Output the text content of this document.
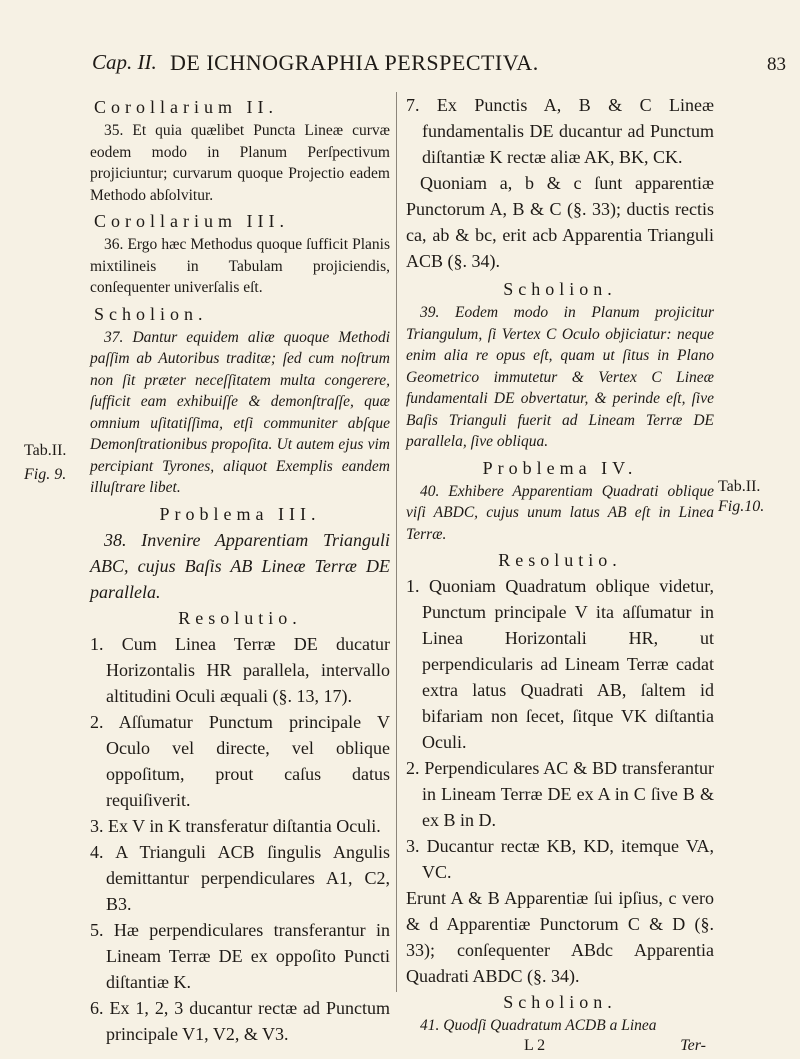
Cap. II. DE ICHNOGRAPHIA PERSPECTIVA.	83
Tab.II.
Fig. 9.
Tab.II.
Fig.10.
Corollarium II.

35. Et quia quælibet Puncta Lineæ curvæ eodem modo in Planum Perſpectivum projiciuntur; curvarum quoque Projectio eadem Methodo abſolvitur.

Corollarium III.

36. Ergo hæc Methodus quoque ſufficit Planis mixtilineis in Tabulam projiciendis, conſequenter univerſalis eſt.

Scholion.

37. Dantur equidem aliæ quoque Methodi paſſim ab Autoribus traditæ; ſed cum noſtrum non ſit præter neceſſitatem multa congerere, ſufficit eam exhibuiſſe & demonſtraſſe, quæ omnium uſitatiſſima, etſi communiter abſque Demonſtrationibus propoſita. Ut autem ejus vim percipiant Tyrones, aliquot Exemplis eandem illuſtrare libet.

Problema III.

38. Invenire Apparentiam Trianguli ABC, cujus Baſis AB Lineæ Terræ DE parallela.

Resolutio.

1. Cum Linea Terræ DE ducatur Horizontalis HR parallela, intervallo altitudini Oculi æquali (§. 13, 17).

2. Aſſumatur Punctum principale V Oculo vel directe, vel oblique oppoſitum, prout caſus datus requiſiverit.

3. Ex V in K transferatur diſtantia Oculi.

4. A Trianguli ACB ſingulis Angulis demittantur perpendiculares A1, C2, B3.

5. Hæ perpendiculares transferantur in Lineam Terræ DE ex oppoſito Puncti diſtantiæ K.

6. Ex 1, 2, 3 ducantur rectæ ad Punctum principale V1, V2, & V3.

7. Ex Punctis A, B & C Lineæ fundamentalis DE ducantur ad Punctum diſtantiæ K rectæ aliæ AK, BK, CK.

Quoniam a, b & c ſunt apparentiæ Punctorum A, B & C (§. 33); ductis rectis ca, ab & bc, erit acb Apparentia Trianguli ACB (§. 34).

Scholion.

39. Eodem modo in Planum projicitur Triangulum, ſi Vertex C Oculo objiciatur: neque enim alia re opus eſt, quam ut ſitus in Plano Geometrico immutetur & Vertex C Lineæ fundamentali DE obvertatur, & perinde eſt, ſive Baſis Trianguli fuerit ad Lineam Terræ DE parallela, ſive obliqua.

Problema IV.

40. Exhibere Apparentiam Quadrati oblique viſi ABDC, cujus unum latus AB eſt in Linea Terræ.

Resolutio.

1. Quoniam Quadratum oblique videtur, Punctum principale V ita aſſumatur in Linea Horizontali HR, ut perpendicularis ad Lineam Terræ cadat extra latus Quadrati AB, ſaltem id bifariam non ſecet, ſitque VK diſtantia Oculi.

2. Perpendiculares AC & BD transferantur in Lineam Terræ DE ex A in C ſive B & ex B in D.

3. Ducantur rectæ KB, KD, itemque VA, VC.

Erunt A & B Apparentiæ ſui ipſius, c vero & d Apparentiæ Punctorum C & D (§. 33); conſequenter ABdc Apparentia Quadrati ABDC (§. 34).

Scholion.

41. Quodſi Quadratum ACDB a Linea

L 2	Ter-
